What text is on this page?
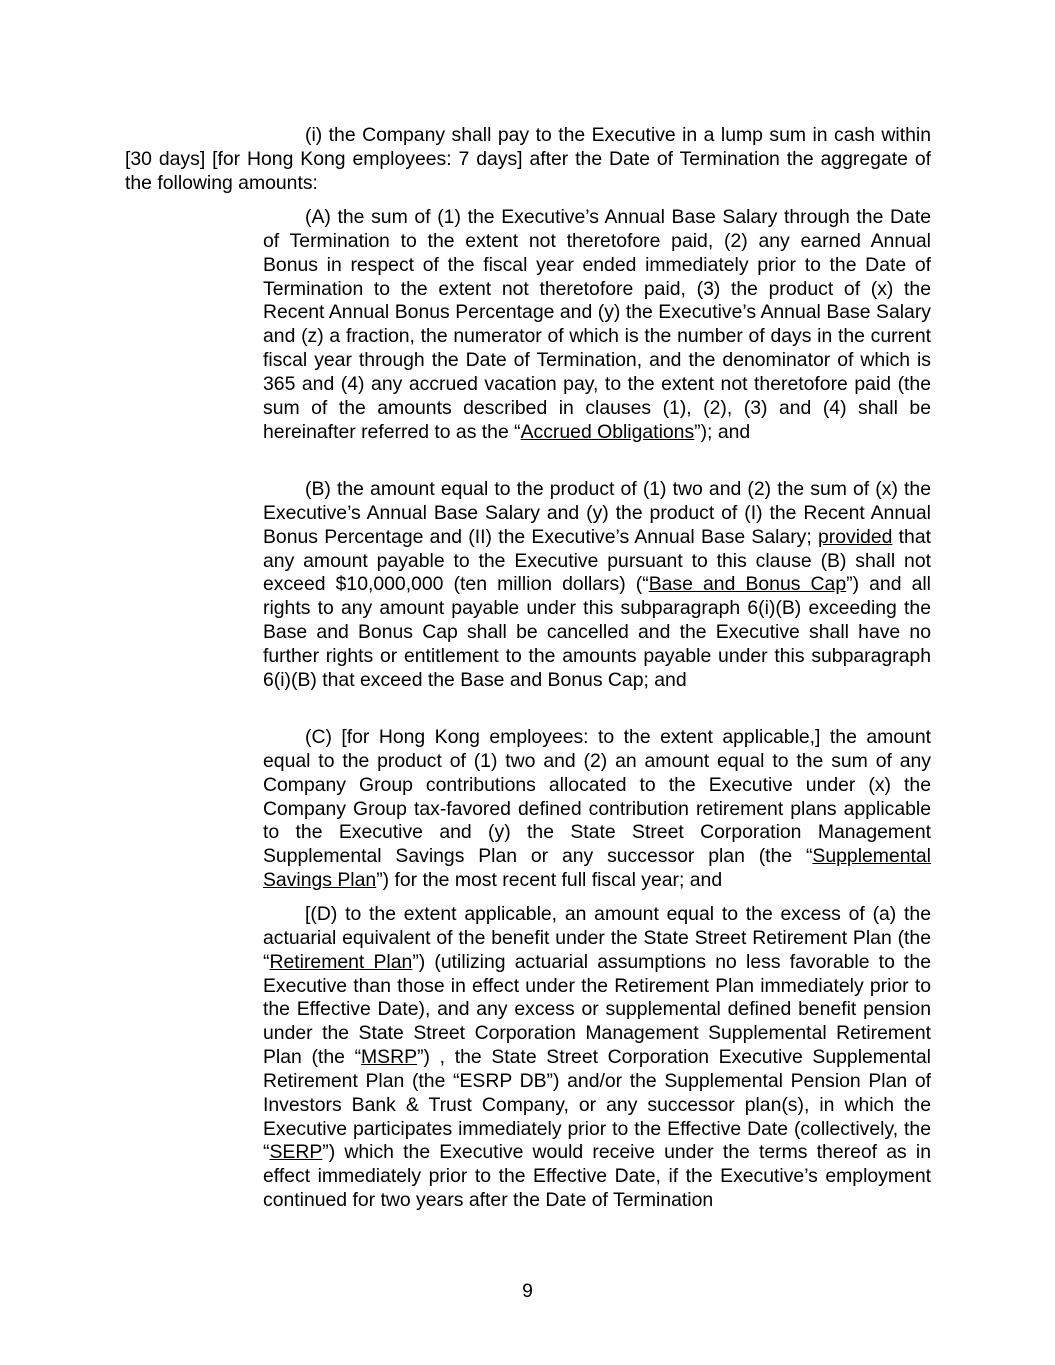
(i) the Company shall pay to the Executive in a lump sum in cash within [30 days] [for Hong Kong employees: 7 days] after the Date of Termination the aggregate of the following amounts:

(A) the sum of (1) the Executive’s Annual Base Salary through the Date of Termination to the extent not theretofore paid, (2) any earned Annual Bonus in respect of the fiscal year ended immediately prior to the Date of Termination to the extent not theretofore paid, (3) the product of (x) the Recent Annual Bonus Percentage and (y) the Executive’s Annual Base Salary and (z) a fraction, the numerator of which is the number of days in the current fiscal year through the Date of Termination, and the denominator of which is 365 and (4) any accrued vacation pay, to the extent not theretofore paid (the sum of the amounts described in clauses (1), (2), (3) and (4) shall be hereinafter referred to as the “Accrued Obligations”); and

(B) the amount equal to the product of (1) two and (2) the sum of (x) the Executive’s Annual Base Salary and (y) the product of (I) the Recent Annual Bonus Percentage and (II) the Executive’s Annual Base Salary; provided that any amount payable to the Executive pursuant to this clause (B) shall not exceed $10,000,000 (ten million dollars) (“Base and Bonus Cap”) and all rights to any amount payable under this subparagraph 6(i)(B) exceeding the Base and Bonus Cap shall be cancelled and the Executive shall have no further rights or entitlement to the amounts payable under this subparagraph 6(i)(B) that exceed the Base and Bonus Cap; and

(C) [for Hong Kong employees: to the extent applicable,] the amount equal to the product of (1) two and (2) an amount equal to the sum of any Company Group contributions allocated to the Executive under (x) the Company Group tax-favored defined contribution retirement plans applicable to the Executive and (y) the State Street Corporation Management Supplemental Savings Plan or any successor plan (the “Supplemental Savings Plan”) for the most recent full fiscal year; and

[(D) to the extent applicable, an amount equal to the excess of (a) the actuarial equivalent of the benefit under the State Street Retirement Plan (the “Retirement Plan”) (utilizing actuarial assumptions no less favorable to the Executive than those in effect under the Retirement Plan immediately prior to the Effective Date), and any excess or supplemental defined benefit pension under the State Street Corporation Management Supplemental Retirement Plan (the “MSRP”) , the State Street Corporation Executive Supplemental Retirement Plan (the “ESRP DB”) and/or the Supplemental Pension Plan of Investors Bank & Trust Company, or any successor plan(s), in which the Executive participates immediately prior to the Effective Date (collectively, the “SERP”) which the Executive would receive under the terms thereof as in effect immediately prior to the Effective Date, if the Executive’s employment continued for two years after the Date of Termination

9
